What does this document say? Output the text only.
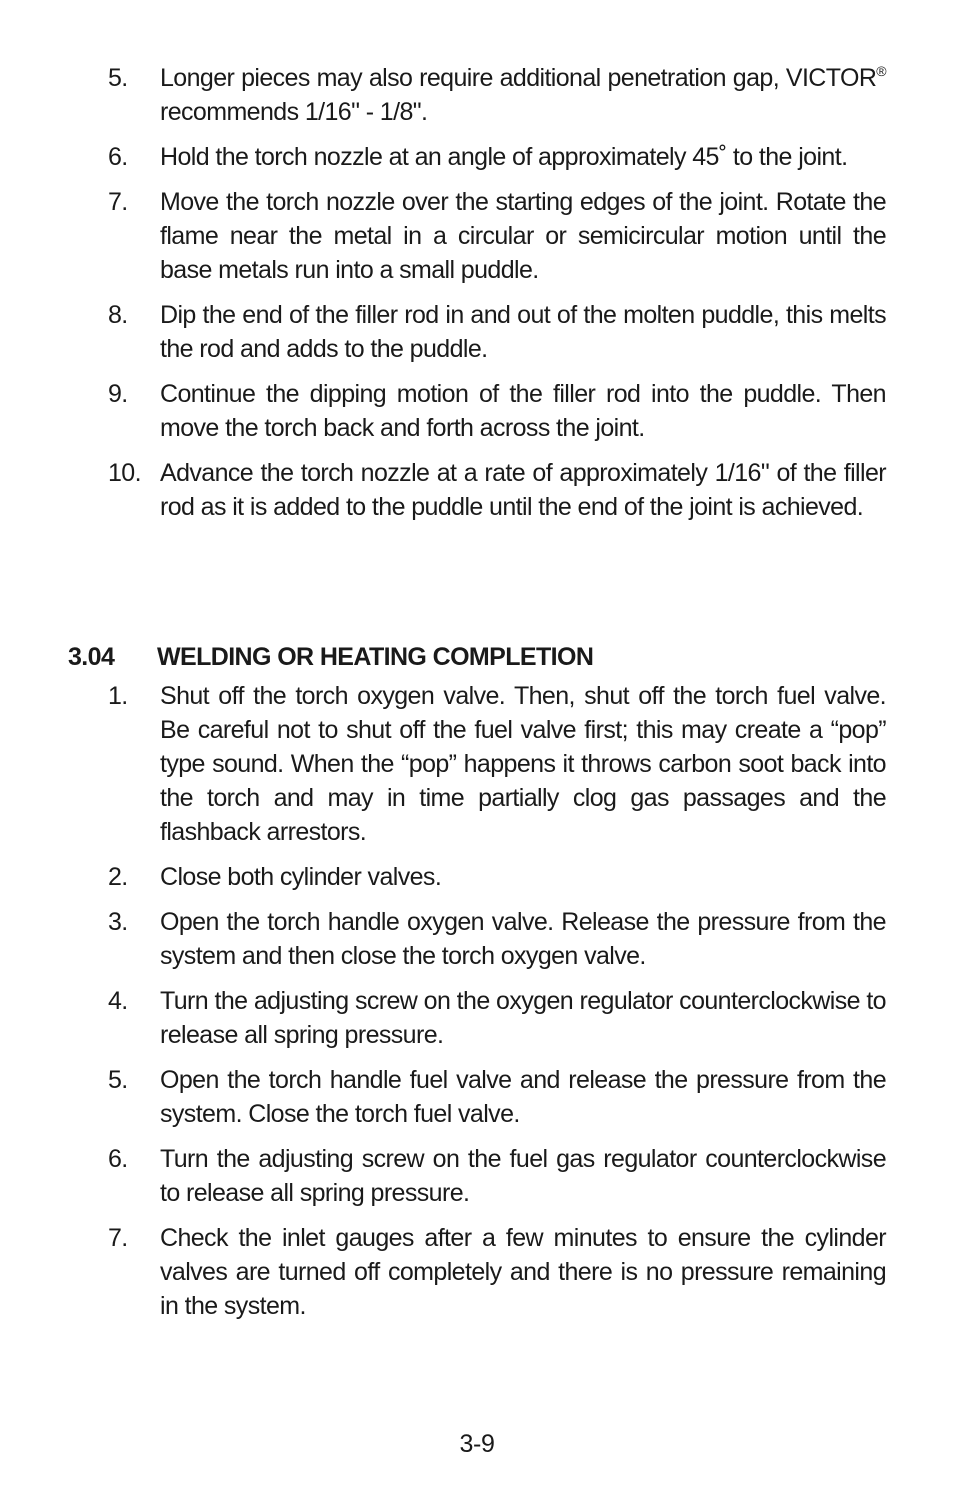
5.	Longer pieces may also require additional penetration gap, VICTOR® recommends 1/16" - 1/8".
6.	Hold the torch nozzle at an angle of approximately 45˚ to the joint.
7.	Move the torch nozzle over the starting edges of the joint. Rotate the flame near the metal in a circular or semicircular motion until the base metals run into a small puddle.
8.	Dip the end of the filler rod in and out of the molten puddle, this melts the rod and adds to the puddle.
9.	Continue the dipping motion of the filler rod into the puddle. Then move the torch back and forth across the joint.
10. Advance the torch nozzle at a rate of approximately 1/16" of the filler rod as it is added to the puddle until the end of the joint is achieved.
3.04 WELDING OR HEATING COMPLETION
1.	Shut off the torch oxygen valve. Then, shut off the torch fuel valve. Be careful not to shut off the fuel valve first; this may create a “pop” type sound. When the “pop” happens it throws carbon soot back into the torch and may in time partially clog gas passages and the flashback arrestors.
2.	Close both cylinder valves.
3.	Open the torch handle oxygen valve. Release the pressure from the system and then close the torch oxygen valve.
4.	Turn the adjusting screw on the oxygen regulator counterclockwise to release all spring pressure.
5.	Open the torch handle fuel valve and release the pressure from the system. Close the torch fuel valve.
6.	Turn the adjusting screw on the fuel gas regulator counterclockwise to release all spring pressure.
7.	Check the inlet gauges after a few minutes to ensure the cylinder valves are turned off completely and there is no pressure remaining in the system.
3-9
